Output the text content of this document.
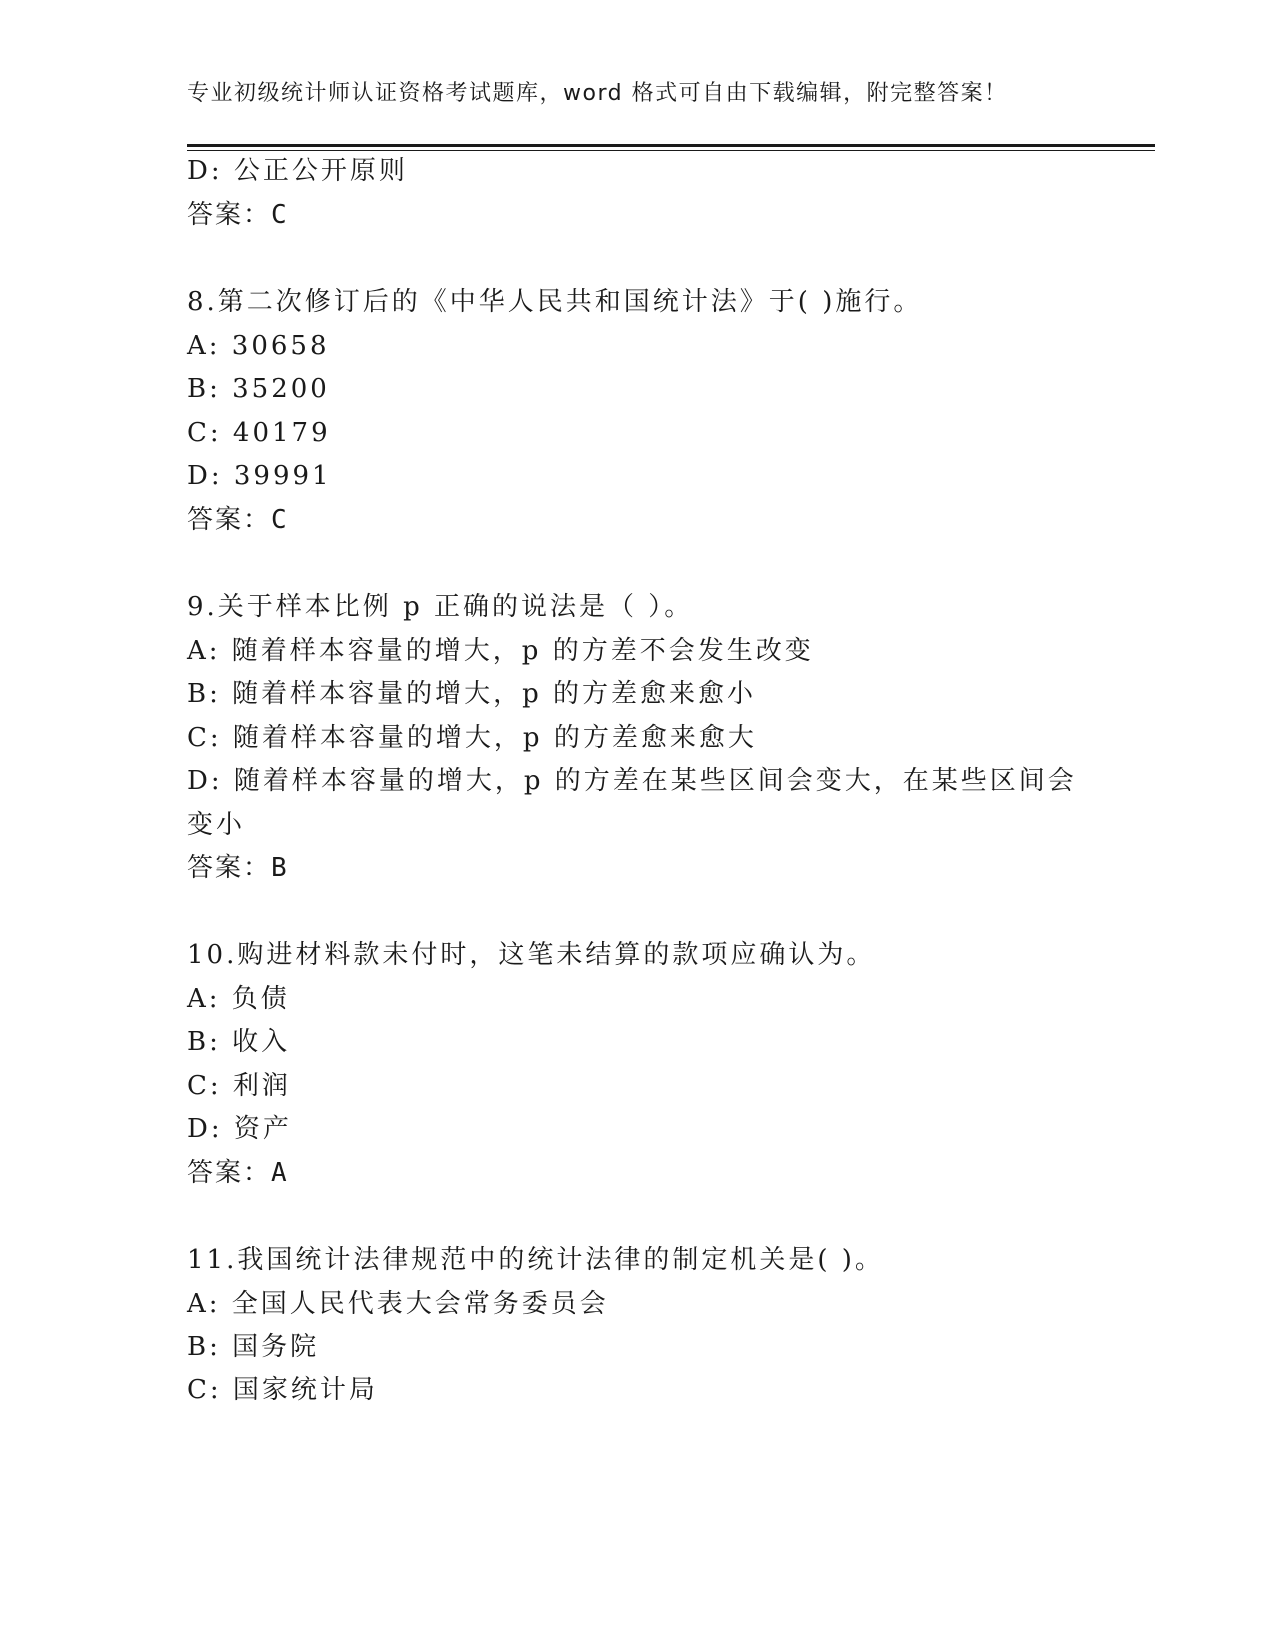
专业初级统计师认证资格考试题库，word 格式可自由下载编辑，附完整答案！
D: 公正公开原则
答案：C
8.第二次修订后的《中华人民共和国统计法》于( )施行。
A: 30658
B: 35200
C: 40179
D: 39991
答案：C
9.关于样本比例 p 正确的说法是（ ）。
A: 随着样本容量的增大，p 的方差不会发生改变
B: 随着样本容量的增大，p 的方差愈来愈小
C: 随着样本容量的增大，p 的方差愈来愈大
D: 随着样本容量的增大，p 的方差在某些区间会变大，在某些区间会
变小
答案：B
10.购进材料款未付时，这笔未结算的款项应确认为。
A: 负债
B: 收入
C: 利润
D: 资产
答案：A
11.我国统计法律规范中的统计法律的制定机关是( )。
A: 全国人民代表大会常务委员会
B: 国务院
C: 国家统计局
